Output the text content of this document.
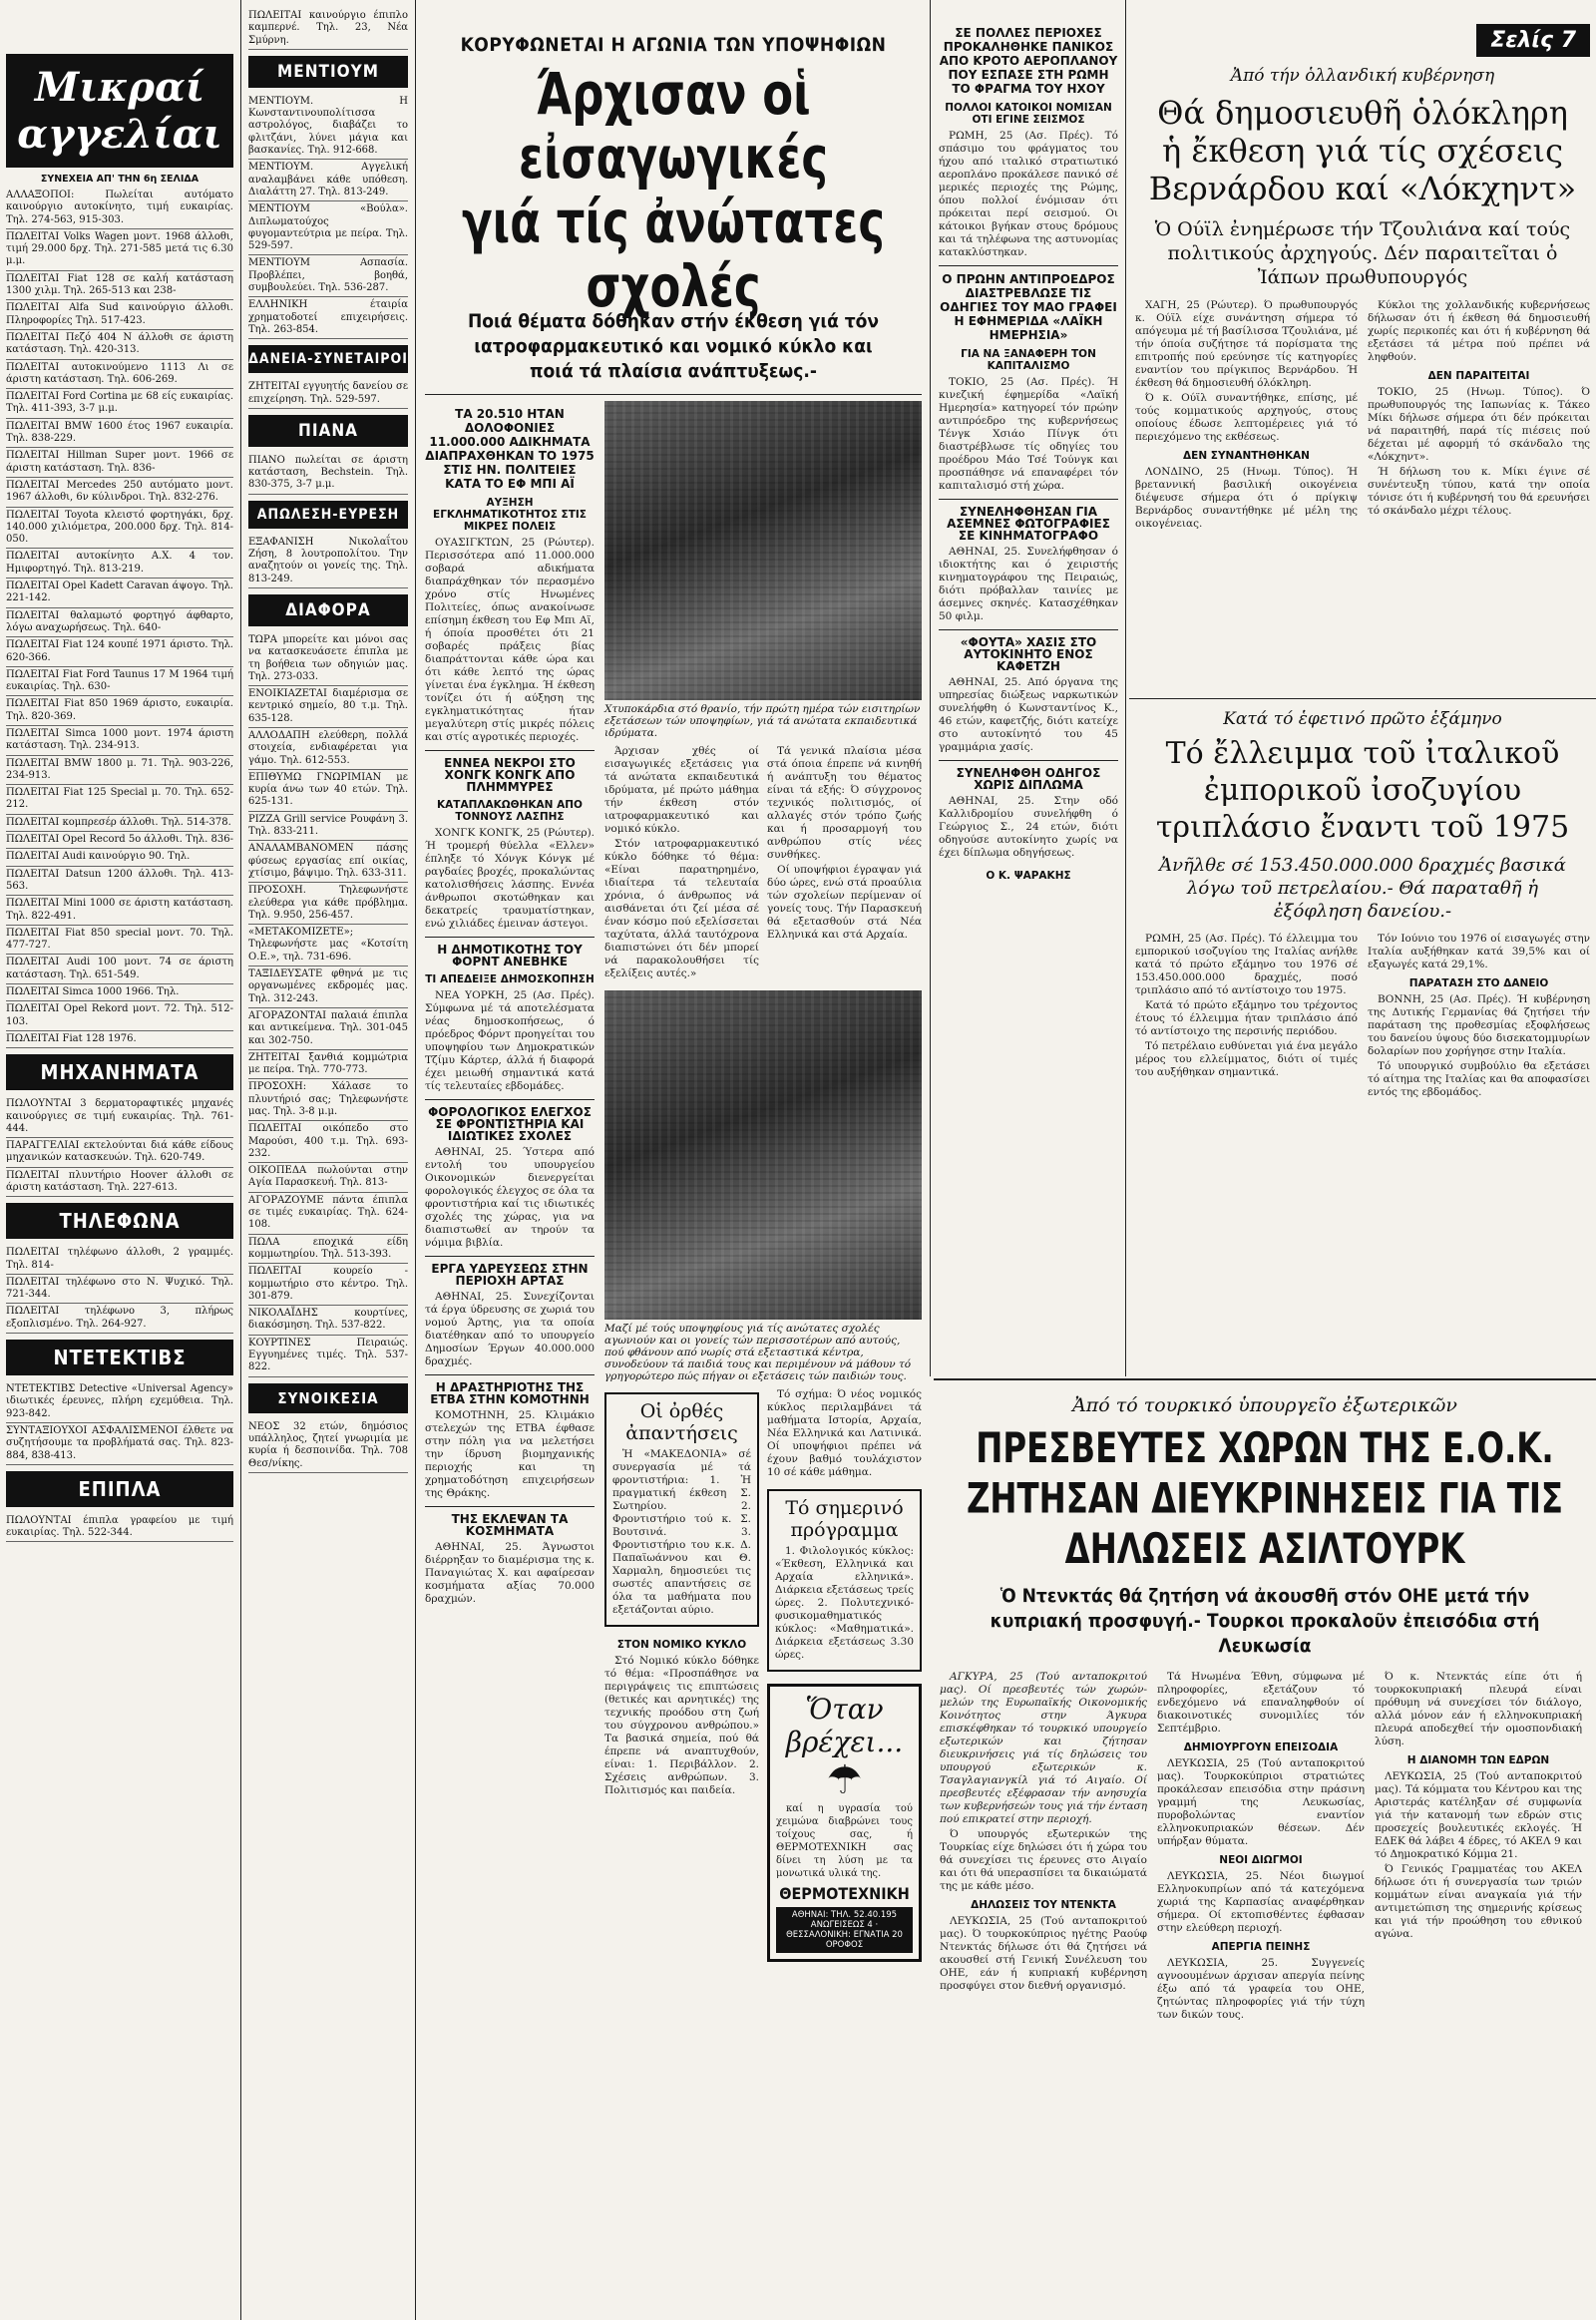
Μικραί αγγελίαι
ΣΥΝΕΧΕΙΑ ΑΠ' ΤΗΝ 6η ΣΕΛΙΔΑ

ΑΛΛΑΞΟΠΟΙ: Πωλείται αυτόματο καινούργιο αυτοκίνητο, τιμή ευκαιρίας. Τηλ. 274-563, 915-303.

ΠΩΛΕΙΤΑΙ Volks Wagen μοντ. 1968 άλλοθι, τιμή 29.000 δρχ. Τηλ. 271-585 μετά τις 6.30 μ.μ.

ΠΩΛΕΙΤΑΙ Fiat 128 σε καλή κατάσταση 1300 χιλμ. Τηλ. 265-513 και 238-

ΠΩΛΕΙΤΑΙ Alfa Sud καινούργιο άλλοθι. Πληροφορίες Τηλ. 517-423.

ΠΩΛΕΙΤΑΙ Πεζό 404 Ν άλλοθι σε άριστη κατάσταση. Τηλ. 420-313.

ΠΩΛΕΙΤΑΙ αυτοκινούμενο 1113 Λι σε άριστη κατάσταση. Τηλ. 606-269.

ΠΩΛΕΙΤΑΙ Ford Cortina με 68 είς ευκαιρίας. Τηλ. 411-393, 3-7 μ.μ.

ΠΩΛΕΙΤΑΙ BMW 1600 έτος 1967 ευκαιρία. Τηλ. 838-229.

ΠΩΛΕΙΤΑΙ Hillman Super μοντ. 1966 σε άριστη κατάσταση. Τηλ. 836-

ΠΩΛΕΙΤΑΙ Mercedes 250 αυτόματο μοντ. 1967 άλλοθι, 6ν κύλινδροι. Τηλ. 832-276.

ΠΩΛΕΙΤΑΙ Toyota κλειστό φορτηγάκι, δρχ. 140.000 χιλιόμετρα, 200.000 δρχ. Τηλ. 814-050.

ΠΩΛΕΙΤΑΙ αυτοκίνητο Α.Χ. 4 τον. Ημιφορτηγό. Τηλ. 813-219.

ΠΩΛΕΙΤΑΙ Opel Kadett Caravan άψογο. Τηλ. 221-142.

ΠΩΛΕΙΤΑΙ θαλαμωτό φορτηγό άφθαρτο, λόγω αναχωρήσεως. Τηλ. 640-

ΠΩΛΕΙΤΑΙ Fiat 124 κουπέ 1971 άριστο. Τηλ. 620-366.

ΠΩΛΕΙΤΑΙ Fiat Ford Taunus 17 Μ 1964 τιμή ευκαιρίας. Τηλ. 630-

ΠΩΛΕΙΤΑΙ Fiat 850 1969 άριστο, ευκαιρία. Τηλ. 820-369.

ΠΩΛΕΙΤΑΙ Simca 1000 μοντ. 1974 άριστη κατάσταση. Τηλ. 234-913.

ΠΩΛΕΙΤΑΙ BMW 1800 μ. 71. Τηλ. 903-226, 234-913.

ΠΩΛΕΙΤΑΙ Fiat 125 Special μ. 70. Τηλ. 652-212.

ΠΩΛΕΙΤΑΙ κομπρεσέρ άλλοθι. Τηλ. 514-378.

ΠΩΛΕΙΤΑΙ Opel Record 5ο άλλοθι. Τηλ. 836-

ΠΩΛΕΙΤΑΙ Audi καινούργιο 90. Τηλ.

ΠΩΛΕΙΤΑΙ Datsun 1200 άλλοθι. Τηλ. 413-563.

ΠΩΛΕΙΤΑΙ Mini 1000 σε άριστη κατάσταση. Τηλ. 822-491.

ΠΩΛΕΙΤΑΙ Fiat 850 special μοντ. 70. Τηλ. 477-727.

ΠΩΛΕΙΤΑΙ Audi 100 μοντ. 74 σε άριστη κατάσταση. Τηλ. 651-549.

ΠΩΛΕΙΤΑΙ Simca 1000 1966. Τηλ.

ΠΩΛΕΙΤΑΙ Opel Rekord μοντ. 72. Τηλ. 512-103.

ΠΩΛΕΙΤΑΙ Fiat 128 1976.

ΜΗΧΑΝΗΜΑΤΑ

ΠΩΛΟΥΝΤΑΙ 3 δερματοραφτικές μηχανές καινούργιες σε τιμή ευκαιρίας. Τηλ. 761-444.

ΠΑΡΑΓΓΕΛΙΑΙ εκτελούνται διά κάθε είδους μηχανικών κατασκευών. Τηλ. 620-749.

ΠΩΛΕΙΤΑΙ πλυντήριο Hoover άλλοθι σε άριστη κατάσταση. Τηλ. 227-613.

ΤΗΛΕΦΩΝΑ

ΠΩΛΕΙΤΑΙ τηλέφωνο άλλοθι, 2 γραμμές. Τηλ. 814-

ΠΩΛΕΙΤΑΙ τηλέφωνο στο Ν. Ψυχικό. Τηλ. 721-344.

ΠΩΛΕΙΤΑΙ τηλέφωνο 3, πλήρως εξοπλισμένο. Τηλ. 264-927.

ΝΤΕΤΕΚΤΙΒΣ

ΝΤΕΤΕΚΤΙΒΣ Detective «Universal Agency» ιδιωτικές έρευνες, πλήρη εχεμύθεια. Τηλ. 923-842.

ΣΥΝΤΑΞΙΟΥΧΟΙ ΑΣΦΑΛΙΣΜΕΝΟΙ έλθετε να συζητήσουμε τα προβλήματά σας. Τηλ. 823-884, 838-413.

ΕΠΙΠΛΑ

ΠΩΛΟΥΝΤΑΙ έπιπλα γραφείου με τιμή ευκαιρίας. Τηλ. 522-344.

ΠΩΛΕΙΤΑΙ καινούργιο έπιπλο καμπερνέ. Τηλ. 23, Νέα Σμύρνη.

ΜΕΝΤΙΟΥΜ

ΜΕΝΤΙΟΥΜ. Η Κωνσταντινουπολίτισσα αστρολόγος, διαβάζει το φλιτζάνι, λύνει μάγια και βασκανίες. Τηλ. 912-668.

ΜΕΝΤΙΟΥΜ. Αγγελική αναλαμβάνει κάθε υπόθεση. Διαλάττη 27. Τηλ. 813-249.

ΜΕΝΤΙΟΥΜ «Βούλα». Διπλωματούχος φυγομαντεύτρια με πείρα. Τηλ. 529-597.

ΜΕΝΤΙΟΥΜ Ασπασία. Προβλέπει, βοηθά, συμβουλεύει. Τηλ. 536-287.

ΕΛΛΗΝΙΚΗ έταιρία χρηματοδοτεί επιχειρήσεις. Τηλ. 263-854.

ΔΑΝΕΙΑ-ΣΥΝΕΤΑΙΡΟΙ

ΖΗΤΕΙΤΑΙ εγγυητής δανείου σε επιχείρηση. Τηλ. 529-597.

ΠΙΑΝΑ

ΠΙΑΝΟ πωλείται σε άριστη κατάσταση, Bechstein. Τηλ. 830-375, 3-7 μ.μ.

ΑΠΩΛΕΣΗ-ΕΥΡΕΣΗ

ΕΞΑΦΑΝΙΣΗ Νικολαΐτου Ζήση, 8 λουτροπολίτου. Την αναζητούν οι γονείς της. Τηλ. 813-249.

ΔΙΑΦΟΡΑ

ΤΩΡΑ μπορείτε και μόνοι σας να κατασκευάσετε έπιπλα με τη βοήθεια των οδηγιών μας. Τηλ. 273-033.

ΕΝΟΙΚΙΑΖΕΤΑΙ διαμέρισμα σε κεντρικό σημείο, 80 τ.μ. Τηλ. 635-128.

ΑΛΛΟΔΑΠΗ ελεύθερη, πολλά στοιχεία, ενδιαφέρεται για γάμο. Τηλ. 612-553.

ΕΠΙΘΥΜΩ ΓΝΩΡΙΜΙΑΝ με κυρία άνω των 40 ετών. Τηλ. 625-131.

PIZZA Grill service Ρουφάνη 3. Τηλ. 833-211.

ΑΝΑΛΑΜΒΑΝΟΜΕΝ πάσης φύσεως εργασίας επί οικίας, χτίσιμο, βάψιμο. Τηλ. 633-311.

ΠΡΟΣΟΧΗ. Τηλεφωνήστε ελεύθερα για κάθε πρόβλημα. Τηλ. 9.950, 256-457.

«ΜΕΤΑΚΟΜΙΖΕΤΕ»; Τηλεφωνήστε μας «Κοτσίτη Ο.Ε.», τηλ. 731-696.

ΤΑΞΙΔΕΥΣΑΤΕ φθηνά με τις οργανωμένες εκδρομές μας. Τηλ. 312-243.

ΑΓΟΡΑΖΟΝΤΑΙ παλαιά έπιπλα και αντικείμενα. Τηλ. 301-045 και 302-750.

ΖΗΤΕΙΤΑΙ ξανθιά κομμώτρια με πείρα. Τηλ. 770-773.

ΠΡΟΣΟΧΗ: Χάλασε το πλυντήριό σας; Τηλεφωνήστε μας. Τηλ. 3-8 μ.μ.

ΠΩΛΕΙΤΑΙ οικόπεδο στο Μαρούσι, 400 τ.μ. Τηλ. 693-232.

ΟΙΚΟΠΕΔΑ πωλούνται στην Αγία Παρασκευή. Τηλ. 813-

ΑΓΟΡΑΖΟΥΜΕ πάντα έπιπλα σε τιμές ευκαιρίας. Τηλ. 624-108.

ΠΩΛΑ εποχικά είδη κομμωτηρίου. Τηλ. 513-393.

ΠΩΛΕΙΤΑΙ κουρείο - κομμωτήριο στο κέντρο. Τηλ. 301-879.

ΝΙΚΟΛΑΪΔΗΣ κουρτίνες, διακόσμηση. Τηλ. 537-822.

ΚΟΥΡΤΙΝΕΣ Πειραιώς. Εγγυημένες τιμές. Τηλ. 537-822.

ΣΥΝΟΙΚΕΣΙΑ

ΝΕΟΣ 32 ετών, δημόσιος υπάλληλος, ζητεί γνωριμία με κυρία ή δεσποινίδα. Τηλ. 708 Θεσ/νίκης.

ΚΟΡΥΦΩΝΕΤΑΙ Η ΑΓΩΝΙΑ ΤΩΝ ΥΠΟΨΗΦΙΩΝ
Άρχισαν οἱ εἰσαγωγικές
γιά τίς ἀνώτατες σχολές
Ποιά θέματα δόθηκαν στήν έκθεση γιά τόν ιατροφαρμακευτικό και νομικό κύκλο και ποιά τά πλαίσια ανάπτυξεως.-
ΤΑ 20.510 ΗΤΑΝ ΔΟΛΟΦΟΝΙΕΣ 11.000.000 ΑΔΙΚΗΜΑΤΑ ΔΙΑΠΡΑΧΘΗΚΑΝ ΤΟ 1975 ΣΤΙΣ ΗΝ. ΠΟΛΙΤΕΙΕΣ ΚΑΤΑ ΤΟ ΕΦ ΜΠΙ ΑΪ
ΑΥΞΗΣΗ ΕΓΚΛΗΜΑΤΙΚΟΤΗΤΟΣ ΣΤΙΣ ΜΙΚΡΕΣ ΠΟΛΕΙΣ

ΟΥΑΣΙΓΚΤΩΝ, 25 (Ρώυτερ). Περισσότερα από 11.000.000 σοβαρά αδικήματα διαπράχθηκαν τόν περασμένο χρόνο στίς Ηνωμένες Πολιτείες, όπως ανακοίνωσε επίσημη έκθεση του Εφ Μπι Αϊ, ή όποία προσθέτει ότι 21 σοβαρές πράξεις βίας διαπράττονται κάθε ώρα και ότι κάθε λεπτό της ώρας γίνεται ένα έγκλημα. Ή έκθεση τονίζει ότι ή αύξηση της εγκληματικότητας ήταν μεγαλύτερη στίς μικρές πόλεις και στίς αγροτικές περιοχές.

ΕΝΝΕΑ ΝΕΚΡΟΙ ΣΤΟ ΧΟΝΓΚ ΚΟΝΓΚ ΑΠΟ ΠΛΗΜΜΥΡΕΣ
ΚΑΤΑΠΛΑΚΩΘΗΚΑΝ ΑΠΟ ΤΟΝΝΟΥΣ ΛΑΣΠΗΣ

ΧΟΝΓΚ ΚΟΝΓΚ, 25 (Ρώυτερ). Ή τρομερή θύελλα «Ελλεν» έπληξε τό Χόνγκ Κόνγκ μέ ραγδαίες βροχές, προκαλώντας κατολισθήσεις λάσπης. Εννέα άνθρωποι σκοτώθηκαν και δεκατρείς τραυματίστηκαν, ενώ χιλιάδες έμειναν άστεγοι.

Η ΔΗΜΟΤΙΚΟΤΗΣ ΤΟΥ ΦΟΡΝΤ ΑΝΕΒΗΚΕ
ΤΙ ΑΠΕΔΕΙΞΕ ΔΗΜΟΣΚΟΠΗΣΗ

ΝΕΑ ΥΟΡΚΗ, 25 (Ασ. Πρές). Σύμφωνα μέ τά αποτελέσματα νέας δημοσκοπήσεως, ό πρόεδρος Φόρντ προηγείται του υποψηφίου των Δημοκρατικών Τζίμυ Κάρτερ, άλλά ή διαφορά έχει μειωθή σημαντικά κατά τίς τελευταίες εβδομάδες.

ΦΟΡΟΛΟΓΙΚΟΣ ΕΛΕΓΧΟΣ ΣΕ ΦΡΟΝΤΙΣΤΗΡΙΑ ΚΑΙ ΙΔΙΩΤΙΚΕΣ ΣΧΟΛΕΣ

ΑΘΗΝΑΙ, 25. Ύστερα από εντολή του υπουργείου Οικονομικών διενεργείται φορολογικός έλεγχος σε όλα τα φροντιστήρια καί τις ιδιωτικές σχολές της χώρας, για να διαπιστωθεί αν τηρούν τα νόμιμα βιβλία.

ΕΡΓΑ ΥΔΡΕΥΣΕΩΣ ΣΤΗΝ ΠΕΡΙΟΧΗ ΑΡΤΑΣ

ΑΘΗΝΑΙ, 25. Συνεχίζονται τά έργα ύδρευσης σε χωριά του νομού Άρτης, για τα οποία διατέθηκαν από το υπουργείο Δημοσίων Έργων 40.000.000 δραχμές.

Η ΔΡΑΣΤΗΡΙΟΤΗΣ ΤΗΣ ΕΤΒΑ ΣΤΗΝ ΚΟΜΟΤΗΝΗ

ΚΟΜΟΤΗΝΗ, 25. Κλιμάκιο στελεχών της ΕΤΒΑ έφθασε στην πόλη για να μελετήσει την ίδρυση βιομηχανικής περιοχής και τη χρηματοδότηση επιχειρήσεων της Θράκης.

ΤΗΣ ΕΚΛΕΨΑΝ ΤΑ ΚΟΣΜΗΜΑΤΑ

ΑΘΗΝΑΙ, 25. Άγνωστοι διέρρηξαν το διαμέρισμα της κ. Παναγιώτας Χ. και αφαίρεσαν κοσμήματα αξίας 70.000 δραχμών.

Χτυποκάρδια στό θρανίο, τήν πρώτη ημέρα τών εισιτηρίων εξετάσεων τών υποψηφίων, γιά τά ανώτατα εκπαιδευτικά ιδρύματα.

Άρχισαν χθές οί εισαγωγικές εξετάσεις για τά ανώτατα εκπαιδευτικά ιδρύματα, μέ πρώτο μάθημα τήν έκθεση στόν ιατροφαρμακευτικό και νομικό κύκλο.

Στόν ιατροφαρμακευτικό κύκλο δόθηκε τό θέμα: «Είναι παρατηρημένο, ιδιαίτερα τά τελευταία χρόνια, ό άνθρωπος νά αισθάνεται ότι ζεί μέσα σέ έναν κόσμο πού εξελίσσεται ταχύτατα, άλλά ταυτόχρονα διαπιστώνει ότι δέν μπορεί νά παρακολουθήσει τίς εξελίξεις αυτές.»

Τά γενικά πλαίσια μέσα στά όποια έπρεπε νά κινηθή ή ανάπτυξη του θέματος είναι τά εξής: Ό σύγχρονος τεχνικός πολιτισμός, οί αλλαγές στόν τρόπο ζωής και ή προσαρμογή του ανθρώπου στίς νέες συνθήκες.

Οί υποψήφιοι έγραψαν γιά δύο ώρες, ενώ στά προαύλια τών σχολείων περίμεναν οί γονείς τους. Τήν Παρασκευή θά εξετασθούν στά Νέα Ελληνικά και στά Αρχαία.

Μαζί μέ τούς υποψηφίους γιά τίς ανώτατες σχολές αγωνιούν και οι γονείς τών περισσοτέρων από αυτούς, πού φθάνουν από νωρίς στά εξεταστικά κέντρα, συνοδεύουν τά παιδιά τους και περιμένουν νά μάθουν τό γρηγορώτερο πώς πήγαν οι εξετάσεις τών παιδιών τους.
Οἱ ὀρθές ἀπαντήσεις

Ἡ «ΜΑΚΕΔΟΝΙΑ» σέ συνεργασία μέ τά φροντιστήρια: 1. Ἡ πραγματική έκθεση Σ. Σωτηρίου. 2. Φροντιστήριο τού κ. Σ. Βουτσινά. 3. Φροντιστήριο του κ.κ. Δ. Παπαϊωάννου και Θ. Χαρμαλη, δημοσιεύει τις σωστές απαντήσεις σε όλα τα μαθήματα που εξετάζονται αύριο.

ΣΤΟΝ ΝΟΜΙΚΟ ΚΥΚΛΟ

Στό Νομικό κύκλο δόθηκε τό θέμα: «Προσπάθησε να περιγράψεις τις επιπτώσεις (θετικές και αρνητικές) της τεχνικής προόδου στη ζωή του σύγχρονου ανθρώπου.» Τα βασικά σημεία, πού θά έπρεπε νά αναπτυχθούν, είναι: 1. Περιβάλλον. 2. Σχέσεις ανθρώπων. 3. Πολιτισμός και παιδεία.

Τό σχήμα: Ό νέος νομικός κύκλος περιλαμβάνει τά μαθήματα Ιστορία, Αρχαία, Νέα Ελληνικά και Λατινικά. Οί υποψήφιοι πρέπει νά έχουν βαθμό τουλάχιστον 10 σέ κάθε μάθημα.

Τό σημερινό πρόγραμμα

1. Φιλολογικός κύκλος: «Έκθεση, Ελληνικά και Αρχαία ελληνικά». Διάρκεια εξετάσεως τρείς ώρες. 2. Πολυτεχνικό-φυσικομαθηματικός κύκλος: «Μαθηματικά». Διάρκεια εξετάσεως 3.30 ώρες.

Ὅταν βρέχει...
☂

καί η υγρασία τού χειμώνα διαβρώνει τους τοίχους σας, ή ΘΕΡΜΟΤΕΧΝΙΚΗ σας δίνει τη λύση με τα μονωτικά υλικά της.

ΘΕΡΜΟΤΕΧΝΙΚΗ
ΑΘΗΝΑΙ: ΤΗΛ. 52.40.195 ΑΝΩΓΕΙΣΕΩΣ 4 · ΘΕΣΣΑΛΟΝΙΚΗ: ΕΓΝΑΤΙΑ 20 ΟΡΟΦΟΣ
ΣΕ ΠΟΛΛΕΣ ΠΕΡΙΟΧΕΣ ΠΡΟΚΑΛΗΘΗΚΕ ΠΑΝΙΚΟΣ ΑΠΟ ΚΡΟΤΟ ΑΕΡΟΠΛΑΝΟΥ ΠΟΥ ΕΣΠΑΣΕ ΣΤΗ ΡΩΜΗ ΤΟ ΦΡΑΓΜΑ ΤΟΥ ΗΧΟΥ
ΠΟΛΛΟΙ ΚΑΤΟΙΚΟΙ ΝΟΜΙΣΑΝ ΟΤΙ ΕΓΙΝΕ ΣΕΙΣΜΟΣ

ΡΩΜΗ, 25 (Ασ. Πρές). Τό σπάσιμο του φράγματος του ήχου από ιταλικό στρατιωτικό αεροπλάνο προκάλεσε πανικό σέ μερικές περιοχές της Ρώμης, όπου πολλοί ένόμισαν ότι πρόκειται περί σεισμού. Οι κάτοικοι βγήκαν στους δρόμους και τά τηλέφωνα της αστυνομίας κατακλύστηκαν.

Ο ΠΡΩΗΝ ΑΝΤΙΠΡΟΕΔΡΟΣ ΔΙΑΣΤΡΕΒΛΩΣΕ ΤΙΣ ΟΔΗΓΙΕΣ ΤΟΥ ΜΑΟ ΓΡΑΦΕΙ Η ΕΦΗΜΕΡΙΔΑ «ΛΑΪΚΗ ΗΜΕΡΗΣΙΑ»
ΓΙΑ ΝΑ ΞΑΝΑΦΕΡΗ ΤΟΝ ΚΑΠΙΤΑΛΙΣΜΟ

ΤΟΚΙΟ, 25 (Ασ. Πρές). Ή κινεζική έφημερίδα «Λαϊκή Ημερησία» κατηγορεί τόν πρώην αντιπρόεδρο της κυβερνήσεως Τένγκ Χσιάο Πίνγκ ότι διαστρέβλωσε τίς οδηγίες του προέδρου Μάο Τσέ Τούνγκ και προσπάθησε νά επαναφέρει τόν καπιταλισμό στή χώρα.

ΣΥΝΕΛΗΦΘΗΣΑΝ ΓΙΑ ΑΣΕΜΝΕΣ ΦΩΤΟΓΡΑΦΙΕΣ ΣΕ ΚΙΝΗΜΑΤΟΓΡΑΦΟ

ΑΘΗΝΑΙ, 25. Συνελήφθησαν ό ιδιοκτήτης και ό χειριστής κινηματογράφου της Πειραιώς, διότι πρόβαλλαν ταινίες με άσεμνες σκηνές. Κατασχέθηκαν 50 φιλμ.

«ΦΟΥΤΑ» ΧΑΣΙΣ ΣΤΟ ΑΥΤΟΚΙΝΗΤΟ ΕΝΟΣ ΚΑΦΕΤΖΗ

ΑΘΗΝΑΙ, 25. Από όργανα της υπηρεσίας διώξεως ναρκωτικών συνελήφθη ό Κωνσταντίνος Κ., 46 ετών, καφετζής, διότι κατείχε στο αυτοκίνητό του 45 γραμμάρια χασίς.

ΣΥΝΕΛΗΦΘΗ ΟΔΗΓΟΣ ΧΩΡΙΣ ΔΙΠΛΩΜΑ

ΑΘΗΝΑΙ, 25. Στην οδό Καλλιδρομίου συνελήφθη ό Γεώργιος Σ., 24 ετών, διότι οδηγούσε αυτοκίνητο χωρίς να έχει δίπλωμα οδηγήσεως.

Ο Κ. ΨΑΡΑΚΗΣ
Σελίς 7
Ἀπό τήν ὁλλανδική κυβέρνηση
Θά δημοσιευθῆ ὁλόκληρη ἡ ἔκθεση γιά τίς σχέσεις Βερνάρδου καί «Λόκχηντ»
Ὁ Ούϊλ ἐνημέρωσε τήν Τζουλιάνα καί τούς πολιτικούς ἀρχηγούς. Δέν παραιτεῖται ὁ Ἰάπων πρωθυπουργός

ΧΑΓΗ, 25 (Ρώυτερ). Ό πρωθυπουργός κ. Ούϊλ είχε συνάντηση σήμερα τό απόγευμα μέ τή βασίλισσα Τζουλιάνα, μέ τήν όποία συζήτησε τά πορίσματα της επιτροπής πού ερεύνησε τίς κατηγορίες εναντίον του πρίγκιπος Βερνάρδου. Ή έκθεση θά δημοσιευθή όλόκληρη.

Ό κ. Ούϊλ συναντήθηκε, επίσης, μέ τούς κομματικούς αρχηγούς, στους οποίους έδωσε λεπτομέρειες γιά τό περιεχόμενο της εκθέσεως.

ΔΕΝ ΣΥΝΑΝΤΗΘΗΚΑΝ

ΛΟΝΔΙΝΟ, 25 (Ηνωμ. Τύπος). Ή βρεταννική βασιλική οικογένεια διέψευσε σήμερα ότι ό πρίγκιψ Βερνάρδος συναντήθηκε μέ μέλη της οικογένειας.

Κύκλοι της χολλανδικής κυβερνήσεως δήλωσαν ότι ή έκθεση θά δημοσιευθή χωρίς περικοπές και ότι ή κυβέρνηση θά εξετάσει τά μέτρα πού πρέπει νά ληφθούν.

ΔΕΝ ΠΑΡΑΙΤΕΙΤΑΙ

ΤΟΚΙΟ, 25 (Ηνωμ. Τύπος). Ό πρωθυπουργός της Ιαπωνίας κ. Τάκεο Μίκι δήλωσε σήμερα ότι δέν πρόκειται νά παραιτηθή, παρά τίς πιέσεις πού δέχεται μέ αφορμή τό σκάνδαλο της «Λόκχηντ».

Ή δήλωση του κ. Μίκι έγινε σέ συνέντευξη τύπου, κατά την οποία τόνισε ότι ή κυβέρνησή του θά ερευνήσει τό σκάνδαλο μέχρι τέλους.

Κατά τό ἑφετινό πρῶτο ἑξάμηνο
Τό ἔλλειμμα τοῦ ἰταλικοῦ ἐμπορικοῦ ἰσοζυγίου τριπλάσιο ἔναντι τοῦ 1975
Ἀνῆλθε σέ 153.450.000.000 δραχμές βασικά λόγω τοῦ πετρελαίου.- Θά παραταθῆ ἡ ἐξόφληση δανείου.-

ΡΩΜΗ, 25 (Ασ. Πρές). Τό έλλειμμα του εμπορικού ισοζυγίου της Ιταλίας ανήλθε κατά τό πρώτο εξάμηνο του 1976 σέ 153.450.000.000 δραχμές, ποσό τριπλάσιο από τό αντίστοιχο του 1975.

Κατά τό πρώτο εξάμηνο του τρέχοντος έτους τό έλλειμμα ήταν τριπλάσιο άπό τό αντίστοιχο της περσινής περιόδου.

Τό πετρέλαιο ευθύνεται γιά ένα μεγάλο μέρος του ελλείμματος, διότι οί τιμές του αυξήθηκαν σημαντικά.

Τόν Ιούνιο του 1976 οί εισαγωγές στην Ιταλία αυξήθηκαν κατά 39,5% και οί εξαγωγές κατά 29,1%.

ΠΑΡΑΤΑΣΗ ΣΤΟ ΔΑΝΕΙΟ

ΒΟΝΝΗ, 25 (Ασ. Πρές). Ή κυβέρνηση της Δυτικής Γερμανίας θά ζητήσει τήν παράταση της προθεσμίας εξοφλήσεως του δανείου ύψους δύο δισεκατομμυρίων δολαρίων που χορήγησε στην Ιταλία.

Τό υπουργικό συμβούλιο θα εξετάσει τό αίτημα της Ιταλίας και θα αποφασίσει εντός της εβδομάδος.

Ἀπό τό τουρκικό ὑπουργεῖο ἐξωτερικῶν
ΠΡΕΣΒΕΥΤΕΣ ΧΩΡΩΝ ΤΗΣ Ε.Ο.Κ. ΖΗΤΗΣΑΝ ΔΙΕΥΚΡΙΝΗΣΕΙΣ ΓΙΑ ΤΙΣ ΔΗΛΩΣΕΙΣ ΑΣΙΛΤΟΥΡΚ
Ὁ Ντενκτάς θά ζητήση νά ἀκουσθῆ στόν ΟΗΕ μετά τήν κυπριακή προσφυγή.- Τουρκοι προκαλοῦν ἐπεισόδια στή Λευκωσία

ΑΓΚΥΡΑ, 25 (Τού ανταποκριτού μας). Οί πρεσβευτές τών χωρών-μελών της Ευρωπαϊκής Οικονομικής Κοινότητος στην Άγκυρα επισκέφθηκαν τό τουρκικό υπουργείο εξωτερικών και ζήτησαν διευκρινήσεις γιά τίς δηλώσεις του υπουργού εξωτερικών κ. Τσαγλαγιανγκίλ γιά τό Αιγαίο. Οί πρεσβευτές εξέφρασαν τήν ανησυχία των κυβερνήσεών τους γιά τήν ένταση πού επικρατεί στην περιοχή.

Ό υπουργός εξωτερικών της Τουρκίας είχε δηλώσει ότι ή χώρα του θά συνεχίσει τις έρευνες στο Αιγαίο και ότι θά υπερασπίσει τα δικαιώματά της με κάθε μέσο.

ΔΗΛΩΣΕΙΣ ΤΟΥ ΝΤΕΝΚΤΑ

ΛΕΥΚΩΣΙΑ, 25 (Τού ανταποκριτού μας). Ό τουρκοκύπριος ηγέτης Ραούφ Ντενκτάς δήλωσε ότι θά ζητήσει νά ακουσθεί στή Γενική Συνέλευση του ΟΗΕ, εάν ή κυπριακή κυβέρνηση προσφύγει στον διεθνή οργανισμό.

Τά Ηνωμένα Έθνη, σύμφωνα μέ πληροφορίες, εξετάζουν τό ενδεχόμενο νά επαναληφθούν οί διακοινοτικές συνομιλίες τόν Σεπτέμβριο.

ΔΗΜΙΟΥΡΓΟΥΝ ΕΠΕΙΣΟΔΙΑ

ΛΕΥΚΩΣΙΑ, 25 (Τού ανταποκριτού μας). Τουρκοκύπριοι στρατιώτες προκάλεσαν επεισόδια στην πράσινη γραμμή της Λευκωσίας, πυροβολώντας εναντίον ελληνοκυπριακών θέσεων. Δέν υπήρξαν θύματα.

ΝΕΟΙ ΔΙΩΓΜΟΙ

ΛΕΥΚΩΣΙΑ, 25. Νέοι διωγμοί Ελληνοκυπρίων από τά κατεχόμενα χωριά της Καρπασίας αναφέρθηκαν σήμερα. Οί εκτοπισθέντες έφθασαν στην ελεύθερη περιοχή.

ΑΠΕΡΓΙΑ ΠΕΙΝΗΣ

ΛΕΥΚΩΣΙΑ, 25. Συγγενείς αγνοουμένων άρχισαν απεργία πείνης έξω από τά γραφεία του ΟΗΕ, ζητώντας πληροφορίες γιά τήν τύχη των δικών τους.

Ό κ. Ντενκτάς είπε ότι ή τουρκοκυπριακή πλευρά είναι πρόθυμη νά συνεχίσει τόν διάλογο, αλλά μόνον εάν ή ελληνοκυπριακή πλευρά αποδεχθεί τήν ομοσπονδιακή λύση.

Η ΔΙΑΝΟΜΗ ΤΩΝ ΕΔΡΩΝ

ΛΕΥΚΩΣΙΑ, 25 (Τού ανταποκριτού μας). Τά κόμματα του Κέντρου και της Αριστεράς κατέληξαν σέ συμφωνία γιά τήν κατανομή των εδρών στις προσεχείς βουλευτικές εκλογές. Ή ΕΔΕΚ θά λάβει 4 έδρες, τό ΑΚΕΛ 9 και τό Δημοκρατικό Κόμμα 21.

Ό Γενικός Γραμματέας του ΑΚΕΛ δήλωσε ότι ή συνεργασία των τριών κομμάτων είναι αναγκαία γιά τήν αντιμετώπιση της σημερινής κρίσεως και γιά τήν προώθηση του εθνικού αγώνα.
